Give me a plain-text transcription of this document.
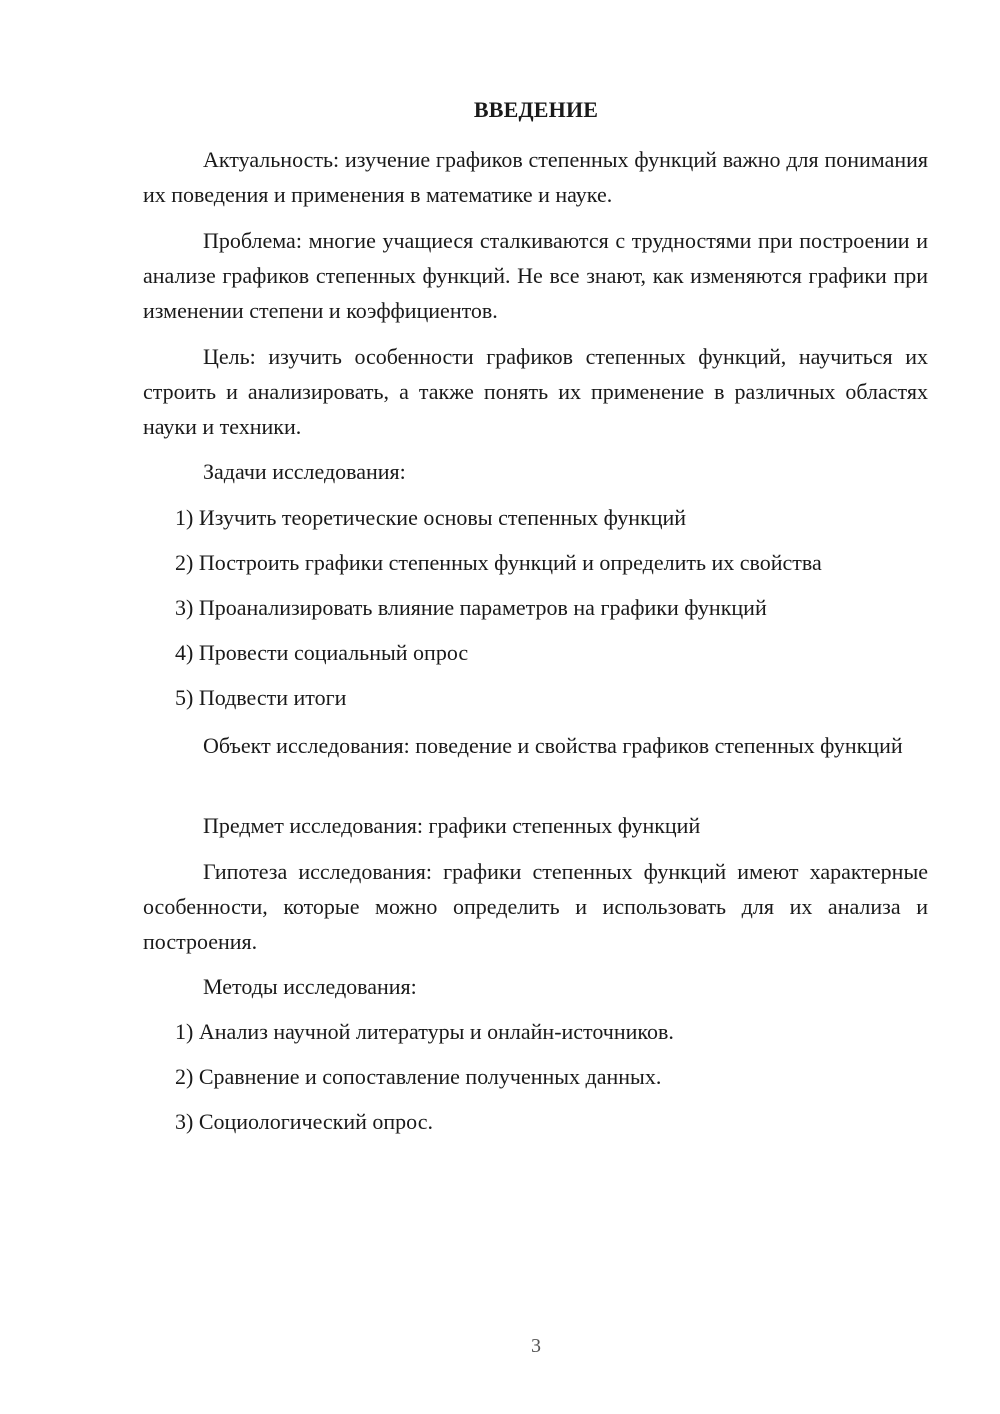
ВВЕДЕНИЕ
Актуальность: изучение графиков степенных функций важно для понимания их поведения и применения в математике и науке.
Проблема: многие учащиеся сталкиваются с трудностями при построении и анализе графиков степенных функций. Не все знают, как изменяются графики при изменении степени и коэффициентов.
Цель: изучить особенности графиков степенных функций, научиться их строить и анализировать, а также понять их применение в различных областях науки и техники.
Задачи исследования:
1) Изучить теоретические основы степенных функций
2) Построить графики степенных функций и определить их свойства
3) Проанализировать влияние параметров на графики функций
4) Провести социальный опрос
5) Подвести итоги
Объект исследования: поведение и свойства графиков степенных функций
Предмет исследования: графики степенных функций
Гипотеза исследования: графики степенных функций имеют характерные особенности, которые можно определить и использовать для их анализа и построения.
Методы исследования:
1) Анализ научной литературы и онлайн-источников.
2) Сравнение и сопоставление полученных данных.
3) Социологический опрос.
3
